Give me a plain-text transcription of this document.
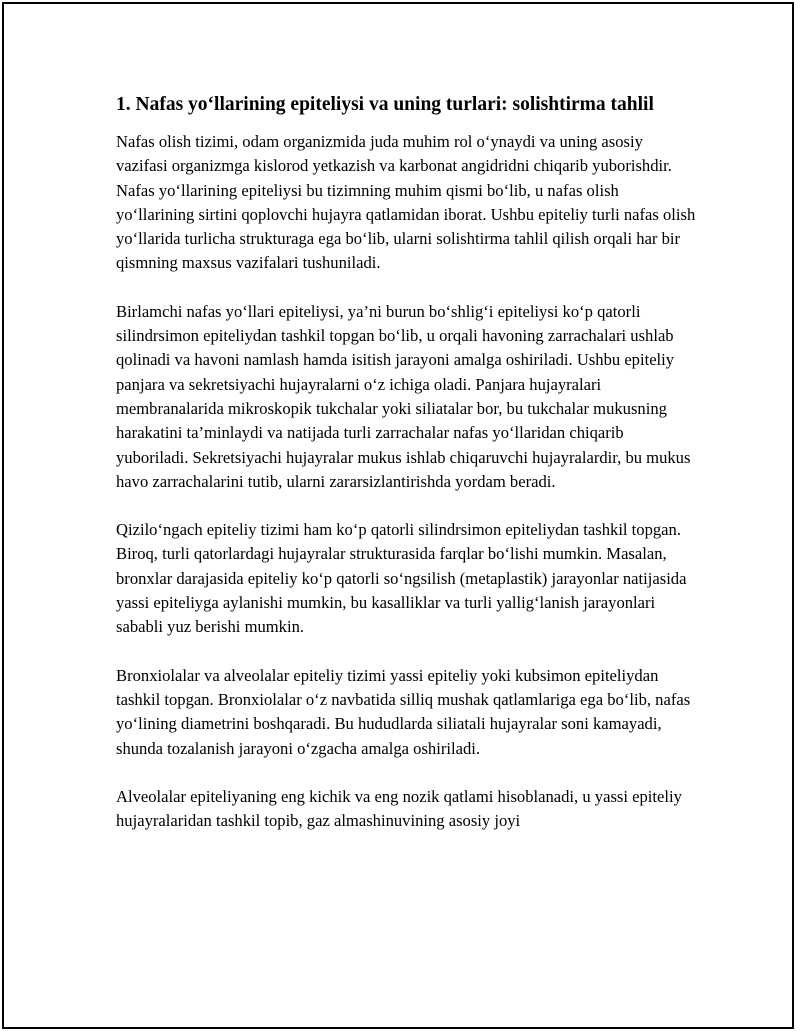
1. Nafas yo‘llarining epiteliysi va uning turlari: solishtirma tahlil

Nafas olish tizimi, odam organizmida juda muhim rol o‘ynaydi va uning asosiy vazifasi organizmga kislorod yetkazish va karbonat angidridni chiqarib yuborishdir. Nafas yo‘llarining epiteliysi bu tizimning muhim qismi bo‘lib, u nafas olish yo‘llarining sirtini qoplovchi hujayra qatlamidan iborat. Ushbu epiteliy turli nafas olish yo‘llarida turlicha strukturaga ega bo‘lib, ularni solishtirma tahlil qilish orqali har bir qismning maxsus vazifalari tushuniladi.

Birlamchi nafas yo‘llari epiteliysi, ya’ni burun bo‘shlig‘i epiteliysi ko‘p qatorli silindrsimon epiteliydan tashkil topgan bo‘lib, u orqali havoning zarrachalari ushlab qolinadi va havoni namlash hamda isitish jarayoni amalga oshiriladi. Ushbu epiteliy panjara va sekretsiyachi hujayralarni o‘z ichiga oladi. Panjara hujayralari membranalarida mikroskopik tukchalar yoki siliatalar bor, bu tukchalar mukusning harakatini ta’minlaydi va natijada turli zarrachalar nafas yo‘llaridan chiqarib yuboriladi. Sekretsiyachi hujayralar mukus ishlab chiqaruvchi hujayralardir, bu mukus havo zarrachalarini tutib, ularni zararsizlantirishda yordam beradi.

Qizilo‘ngach epiteliy tizimi ham ko‘p qatorli silindrsimon epiteliydan tashkil topgan. Biroq, turli qatorlardagi hujayralar strukturasida farqlar bo‘lishi mumkin. Masalan, bronxlar darajasida epiteliy ko‘p qatorli so‘ngsilish (metaplastik) jarayonlar natijasida yassi epiteliyga aylanishi mumkin, bu kasalliklar va turli yallig‘lanish jarayonlari sababli yuz berishi mumkin.

Bronxiolalar va alveolalar epiteliy tizimi yassi epiteliy yoki kubsimon epiteliydan tashkil topgan. Bronxiolalar o‘z navbatida silliq mushak qatlamlariga ega bo‘lib, nafas yo‘lining diametrini boshqaradi. Bu hududlarda siliatali hujayralar soni kamayadi, shunda tozalanish jarayoni o‘zgacha amalga oshiriladi.

Alveolalar epiteliyaning eng kichik va eng nozik qatlami hisoblanadi, u yassi epiteliy hujayralaridan tashkil topib, gaz almashinuvining asosiy joyi
